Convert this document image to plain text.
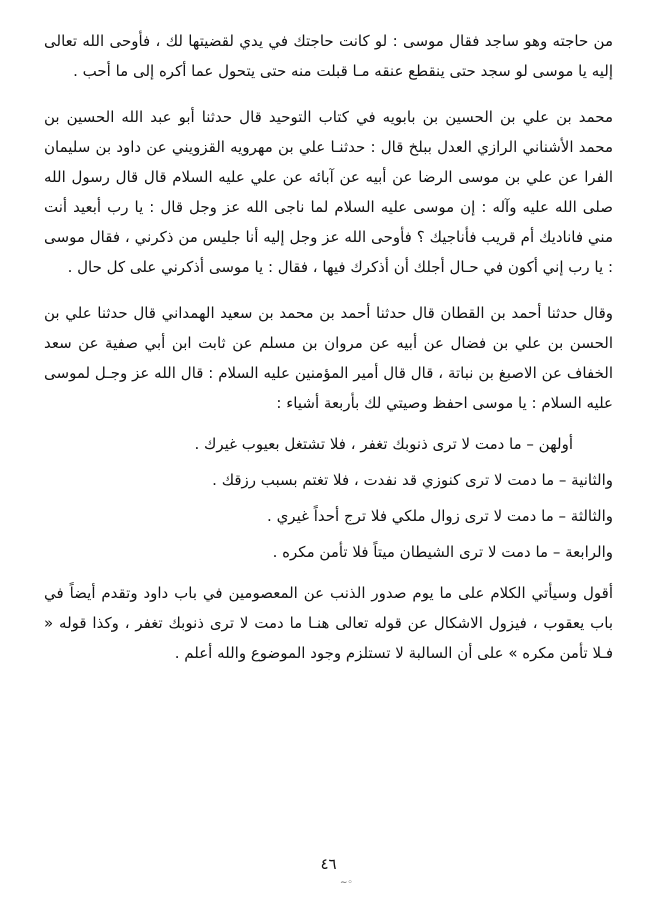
من حاجته وهو ساجد فقال موسى : لو كانت حاجتك في يدي لقضيتها لك ، فأوحى الله تعالى إليه يا موسى لو سجد حتى ينقطع عنقه مـا قبلت منه حتى يتحول عما أكره إلى ما أحب .

محمد بن علي بن الحسين بن بابويه في كتاب التوحيد قال حدثنا أبو عبد الله الحسين بن محمد الأشناني الرازي العدل ببلخ قال : حدثنـا علي بن مهرويه القزويني عن داود بن سليمان الفرا عن علي بن موسى الرضا عن أبيه عن آبائه عن علي عليه السلام قال قال رسول الله صلى الله عليه وآله : إن موسى عليه السلام لما ناجى الله عز وجل قال : يا رب أبعيد أنت مني فاناديك أم قريب فأناجيك ؟ فأوحى الله عز وجل إليه أنا جليس من ذكرني ، فقال موسى : يا رب إني أكون في حـال أجلك أن أذكرك فيها ، فقال : يا موسى أذكرني على كل حال .

وقال حدثنا أحمد بن القطان قال حدثنا أحمد بن محمد بن سعيد الهمداني قال حدثنا علي بن الحسن بن علي بن فضال عن أبيه عن مروان بن مسلم عن ثابت ابن أبي صفية عن سعد الخفاف عن الاصبغ بن نباتة ، قال قال أمير المؤمنين عليه السلام : قال الله عز وجـل لموسى عليه السلام : يا موسى احفظ وصيتي لك بأربعة أشياء :

أولهن – ما دمت لا ترى ذنوبك تغفر ، فلا تشتغل بعيوب غيرك .

والثانية – ما دمت لا ترى كنوزي قد نفدت ، فلا تغتم بسبب رزقك .

والثالثة – ما دمت لا ترى زوال ملكي فلا ترج أحداً غيري .

والرابعة – ما دمت لا ترى الشيطان ميتاً فلا تأمن مكره .

أقول وسيأتي الكلام على ما يوم صدور الذنب عن المعصومين في باب داود وتقدم أيضاً في باب يعقوب ، فيزول الاشكال عن قوله تعالى هنـا ما دمت لا ترى ذنوبك تغفر ، وكذا قوله « فـلا تأمن مكره » على أن السالبة لا تستلزم وجود الموضوع والله أعلم .

٤٦
◦∽
